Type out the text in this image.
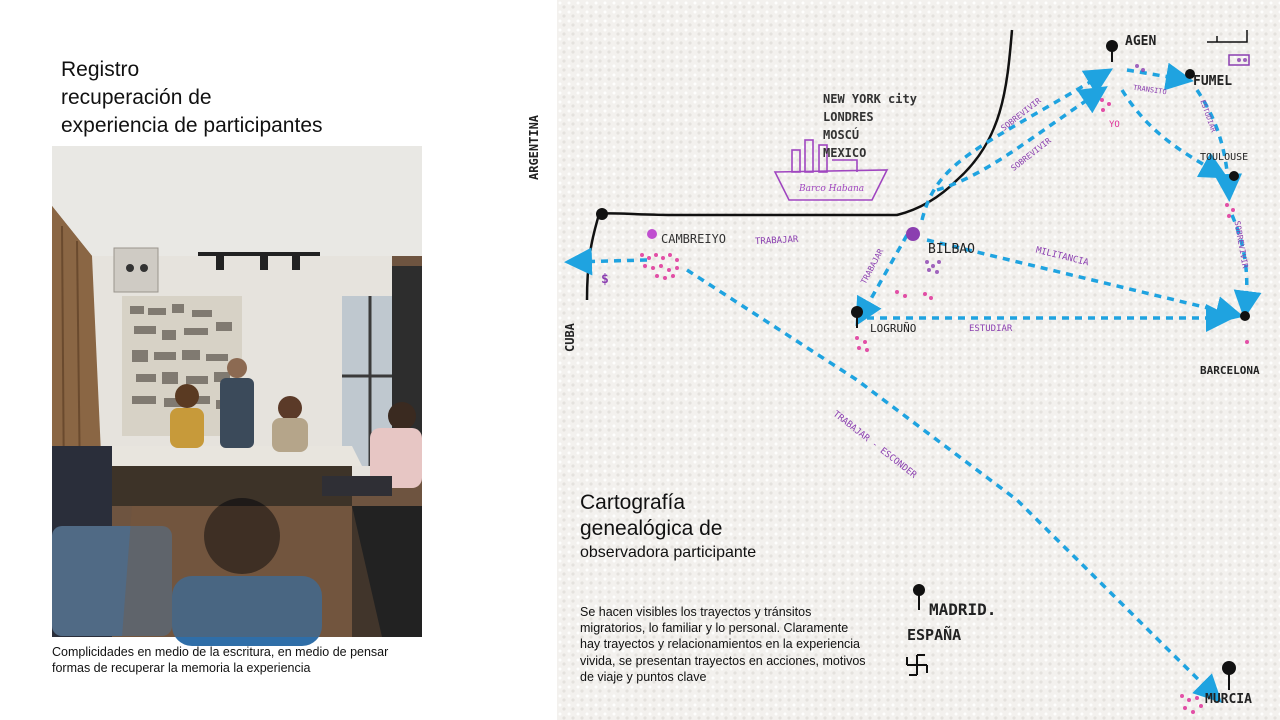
Registro
recuperación de
experiencia de participantes
Complicidades en medio de la escritura, en medio de pensar formas de recuperar la memoria la experiencia
AGEN
FUMEL
TOULOUSE
BARCELONA
BILBAO
LOGRUÑO
CAMBREIYO
MADRID.
ESPAÑA
MURCIA
ARGENTINA
CUBA
NEW YORK city
LONDRES
MOSCÚ
MEXICO
Barco Habana
TRABAJAR
MILITANCIA
ESTUDIAR
TRABAJAR
SOBREVIVIR
SOBREVIVIR
SOBREVIVIR
TRABAJAR - ESCONDER
TRANSITO
ESTUDIAR
YO
$
Cartografía
genealógica de
observadora participante
Se hacen visibles los trayectos y tránsitos migratorios, lo familiar y lo personal. Claramente hay trayectos y relacionamientos en la experiencia vivida, se presentan trayectos en acciones, motivos de viaje y puntos clave
